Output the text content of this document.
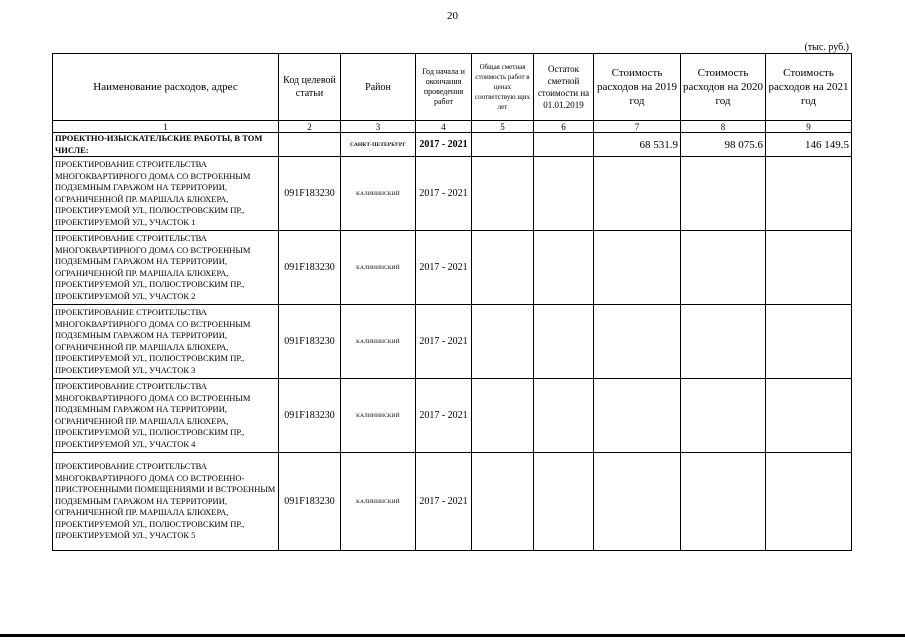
20
(тыс. руб.)
Наименование расходов, адрес	Код целевой статьи	Район	Год начала и окончания проведения работ	Общая сметная стоимость работ в ценах соответствую щих лет	Остаток сметной стоимости на 01.01.2019	Стоимость расходов на 2019 год	Стоимость расходов на 2020 год	Стоимость расходов на 2021 год
1	2	3	4	5	6	7	8	9
ПРОЕКТНО-ИЗЫСКАТЕЛЬСКИЕ РАБОТЫ, В ТОМ ЧИСЛЕ:		САНКТ-ПЕТЕРБУРГ	2017 - 2021			68 531.9	98 075.6	146 149.5
ПРОЕКТИРОВАНИЕ СТРОИТЕЛЬСТВА МНОГОКВАРТИРНОГО ДОМА СО ВСТРОЕННЫМ ПОДЗЕМНЫМ ГАРАЖОМ НА ТЕРРИТОРИИ, ОГРАНИЧЕННОЙ ПР. МАРШАЛА БЛЮХЕРА, ПРОЕКТИРУЕМОЙ УЛ., ПОЛЮСТРОВСКИМ ПР., ПРОЕКТИРУЕМОЙ УЛ., УЧАСТОК 1	091F183230	КАЛИНИНСКИЙ	2017 - 2021					
ПРОЕКТИРОВАНИЕ СТРОИТЕЛЬСТВА МНОГОКВАРТИРНОГО ДОМА СО ВСТРОЕННЫМ ПОДЗЕМНЫМ ГАРАЖОМ НА ТЕРРИТОРИИ, ОГРАНИЧЕННОЙ ПР. МАРШАЛА БЛЮХЕРА, ПРОЕКТИРУЕМОЙ УЛ., ПОЛЮСТРОВСКИМ ПР., ПРОЕКТИРУЕМОЙ УЛ., УЧАСТОК 2	091F183230	КАЛИНИНСКИЙ	2017 - 2021					
ПРОЕКТИРОВАНИЕ СТРОИТЕЛЬСТВА МНОГОКВАРТИРНОГО ДОМА СО ВСТРОЕННЫМ ПОДЗЕМНЫМ ГАРАЖОМ НА ТЕРРИТОРИИ, ОГРАНИЧЕННОЙ ПР. МАРШАЛА БЛЮХЕРА, ПРОЕКТИРУЕМОЙ УЛ., ПОЛЮСТРОВСКИМ ПР., ПРОЕКТИРУЕМОЙ УЛ., УЧАСТОК 3	091F183230	КАЛИНИНСКИЙ	2017 - 2021					
ПРОЕКТИРОВАНИЕ СТРОИТЕЛЬСТВА МНОГОКВАРТИРНОГО ДОМА СО ВСТРОЕННЫМ ПОДЗЕМНЫМ ГАРАЖОМ НА ТЕРРИТОРИИ, ОГРАНИЧЕННОЙ ПР. МАРШАЛА БЛЮХЕРА, ПРОЕКТИРУЕМОЙ УЛ., ПОЛЮСТРОВСКИМ ПР., ПРОЕКТИРУЕМОЙ УЛ., УЧАСТОК 4	091F183230	КАЛИНИНСКИЙ	2017 - 2021					
ПРОЕКТИРОВАНИЕ СТРОИТЕЛЬСТВА МНОГОКВАРТИРНОГО ДОМА СО ВСТРОЕННО-ПРИСТРОЕННЫМИ ПОМЕЩЕНИЯМИ И ВСТРОЕННЫМ ПОДЗЕМНЫМ ГАРАЖОМ НА ТЕРРИТОРИИ, ОГРАНИЧЕННОЙ ПР. МАРШАЛА БЛЮХЕРА, ПРОЕКТИРУЕМОЙ УЛ., ПОЛЮСТРОВСКИМ ПР., ПРОЕКТИРУЕМОЙ УЛ., УЧАСТОК 5	091F183230	КАЛИНИНСКИЙ	2017 - 2021					
